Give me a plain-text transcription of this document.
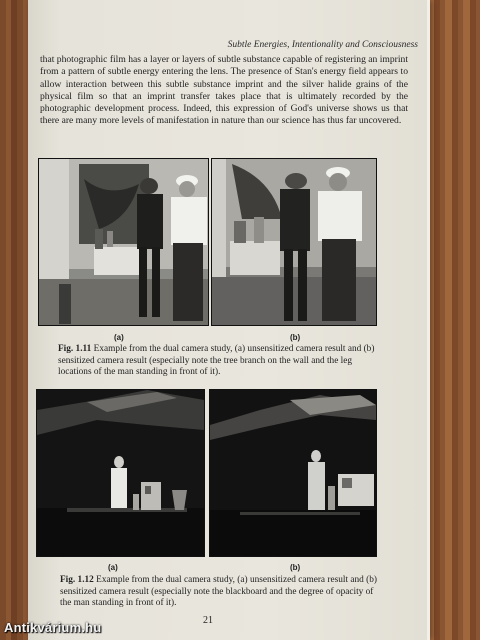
Subtle Energies, Intentionality and Consciousness
that photographic film has a layer or layers of subtle substance capable of registering an imprint from a pattern of subtle energy entering the lens. The presence of Stan's energy field appears to allow interaction between this subtle substance imprint and the silver halide grains of the physical film so that an imprint transfer takes place that is ultimately recorded by the photographic development process. Indeed, this expression of God's universe shows us that there are many more levels of manifestation in nature than our science has thus far uncovered.
(a)	(b)
Fig. 1.11 Example from the dual camera study, (a) unsensitized camera result and (b) sensitized camera result (especially note the tree branch on the wall and the leg locations of the man standing in front of it).
(a)	(b)
Fig. 1.12 Example from the dual camera study, (a) unsensitized camera result and (b) sensitized camera result (especially note the blackboard and the degree of opacity of the man standing in front of it).
21
Antikvárium.hu
